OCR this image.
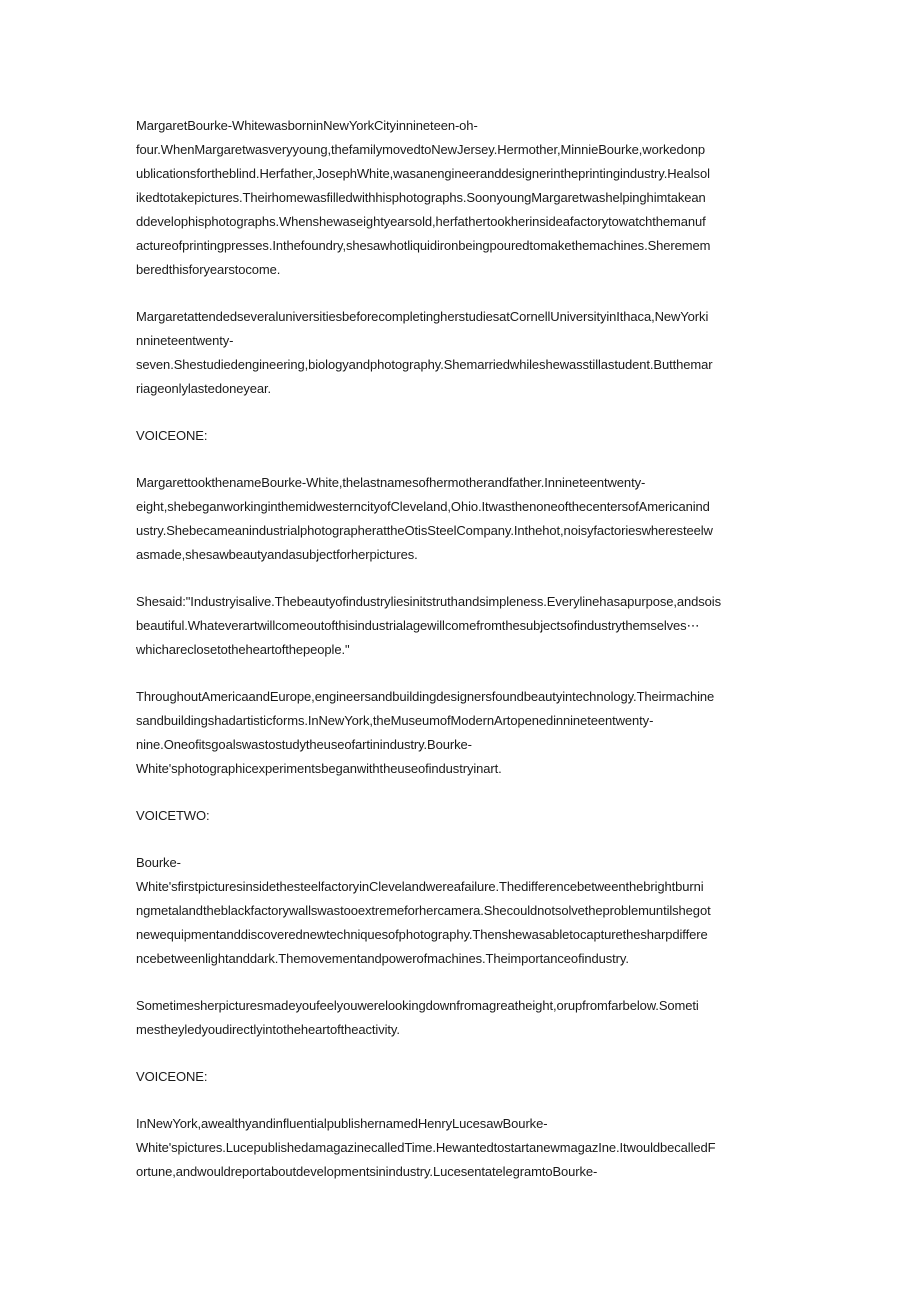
MargaretBourke-WhitewasborninNewYorkCityinnineteen-oh-
four.WhenMargaretwasveryyoung,thefamilymovedtoNewJersey.Hermother,MinnieBourke,workedonp
ublicationsfortheblind.Herfather,JosephWhite,wasanengineeranddesignerintheprintingindustry.Healsol
ikedtotakepictures.Theirhomewasfilledwithhisphotographs.SoonyoungMargaretwashelpinghimtakean
ddevelophisphotographs.Whenshewaseightyearsold,herfathertookherinsideafactorytowatchthemanuf
actureofprintingpresses.Inthefoundry,shesawhotliquidironbeingpouredtomakethemachines.Sheremem
beredthisforyearstocome.
MargaretattendedseveraluniversitiesbeforecompletingherstudiesatCornellUniversityinIthaca,NewYorki
nnineteentwenty-
seven.Shestudiedengineering,biologyandphotography.Shemarriedwhileshewasstillastudent.Butthemar
riageonlylastedoneyear.
VOICEONE:
MargarettookthenameBourke-White,thelastnamesofhermotherandfather.Innineteentwenty-
eight,shebeganworkinginthemidwesterncityofCleveland,Ohio.ItwasthenoneofthecentersofAmericanind
ustry.ShebecameanindustrialphotographerattheOtisSteelCompany.Inthehot,noisyfactorieswheresteelw
asmade,shesawbeautyandasubjectforherpictures.
Shesaid:"Industryisalive.Thebeautyofindustryliesinitstruthandsimpleness.Everylinehasapurpose,andsois
beautiful.Whateverartwillcomeoutofthisindustrialagewillcomefromthesubjectsofindustrythemselves⋯
whichareclosetotheheartofthepeople."
ThroughoutAmericaandEurope,engineersandbuildingdesignersfoundbeautyintechnology.Theirmachine
sandbuildingshadartisticforms.InNewYork,theMuseumofModernArtopenedinnineteentwenty-
nine.Oneofitsgoalswastostudytheuseofartinindustry.Bourke-
White'sphotographicexperimentsbeganwiththeuseofindustryinart.
VOICETWO:
Bourke-
White'sfirstpicturesinsidethesteelfactoryinClevelandwereafailure.Thedifferencebetweenthebrightburni
ngmetalandtheblackfactorywallswastooextremeforhercamera.Shecouldnotsolvetheproblemuntilshegot
newequipmentanddiscoverednewtechniquesofphotography.Thenshewasabletocapturethesharpdiffere
ncebetweenlightanddark.Themovementandpowerofmachines.Theimportanceofindustry.
Sometimesherpicturesmadeyoufeelyouwerelookingdownfromagreatheight,orupfromfarbelow.Someti
mestheyledyoudirectlyintotheheartoftheactivity.
VOICEONE:
InNewYork,awealthyandinfluentialpublishernamedHenryLucesawBourke-
White'spictures.LucepublishedamagazinecalledTime.HewantedtostartanewmagazIne.ItwouldbecalledF
ortune,andwouldreportaboutdevelopmentsinindustry.LucesentatelegramtoBourke-
